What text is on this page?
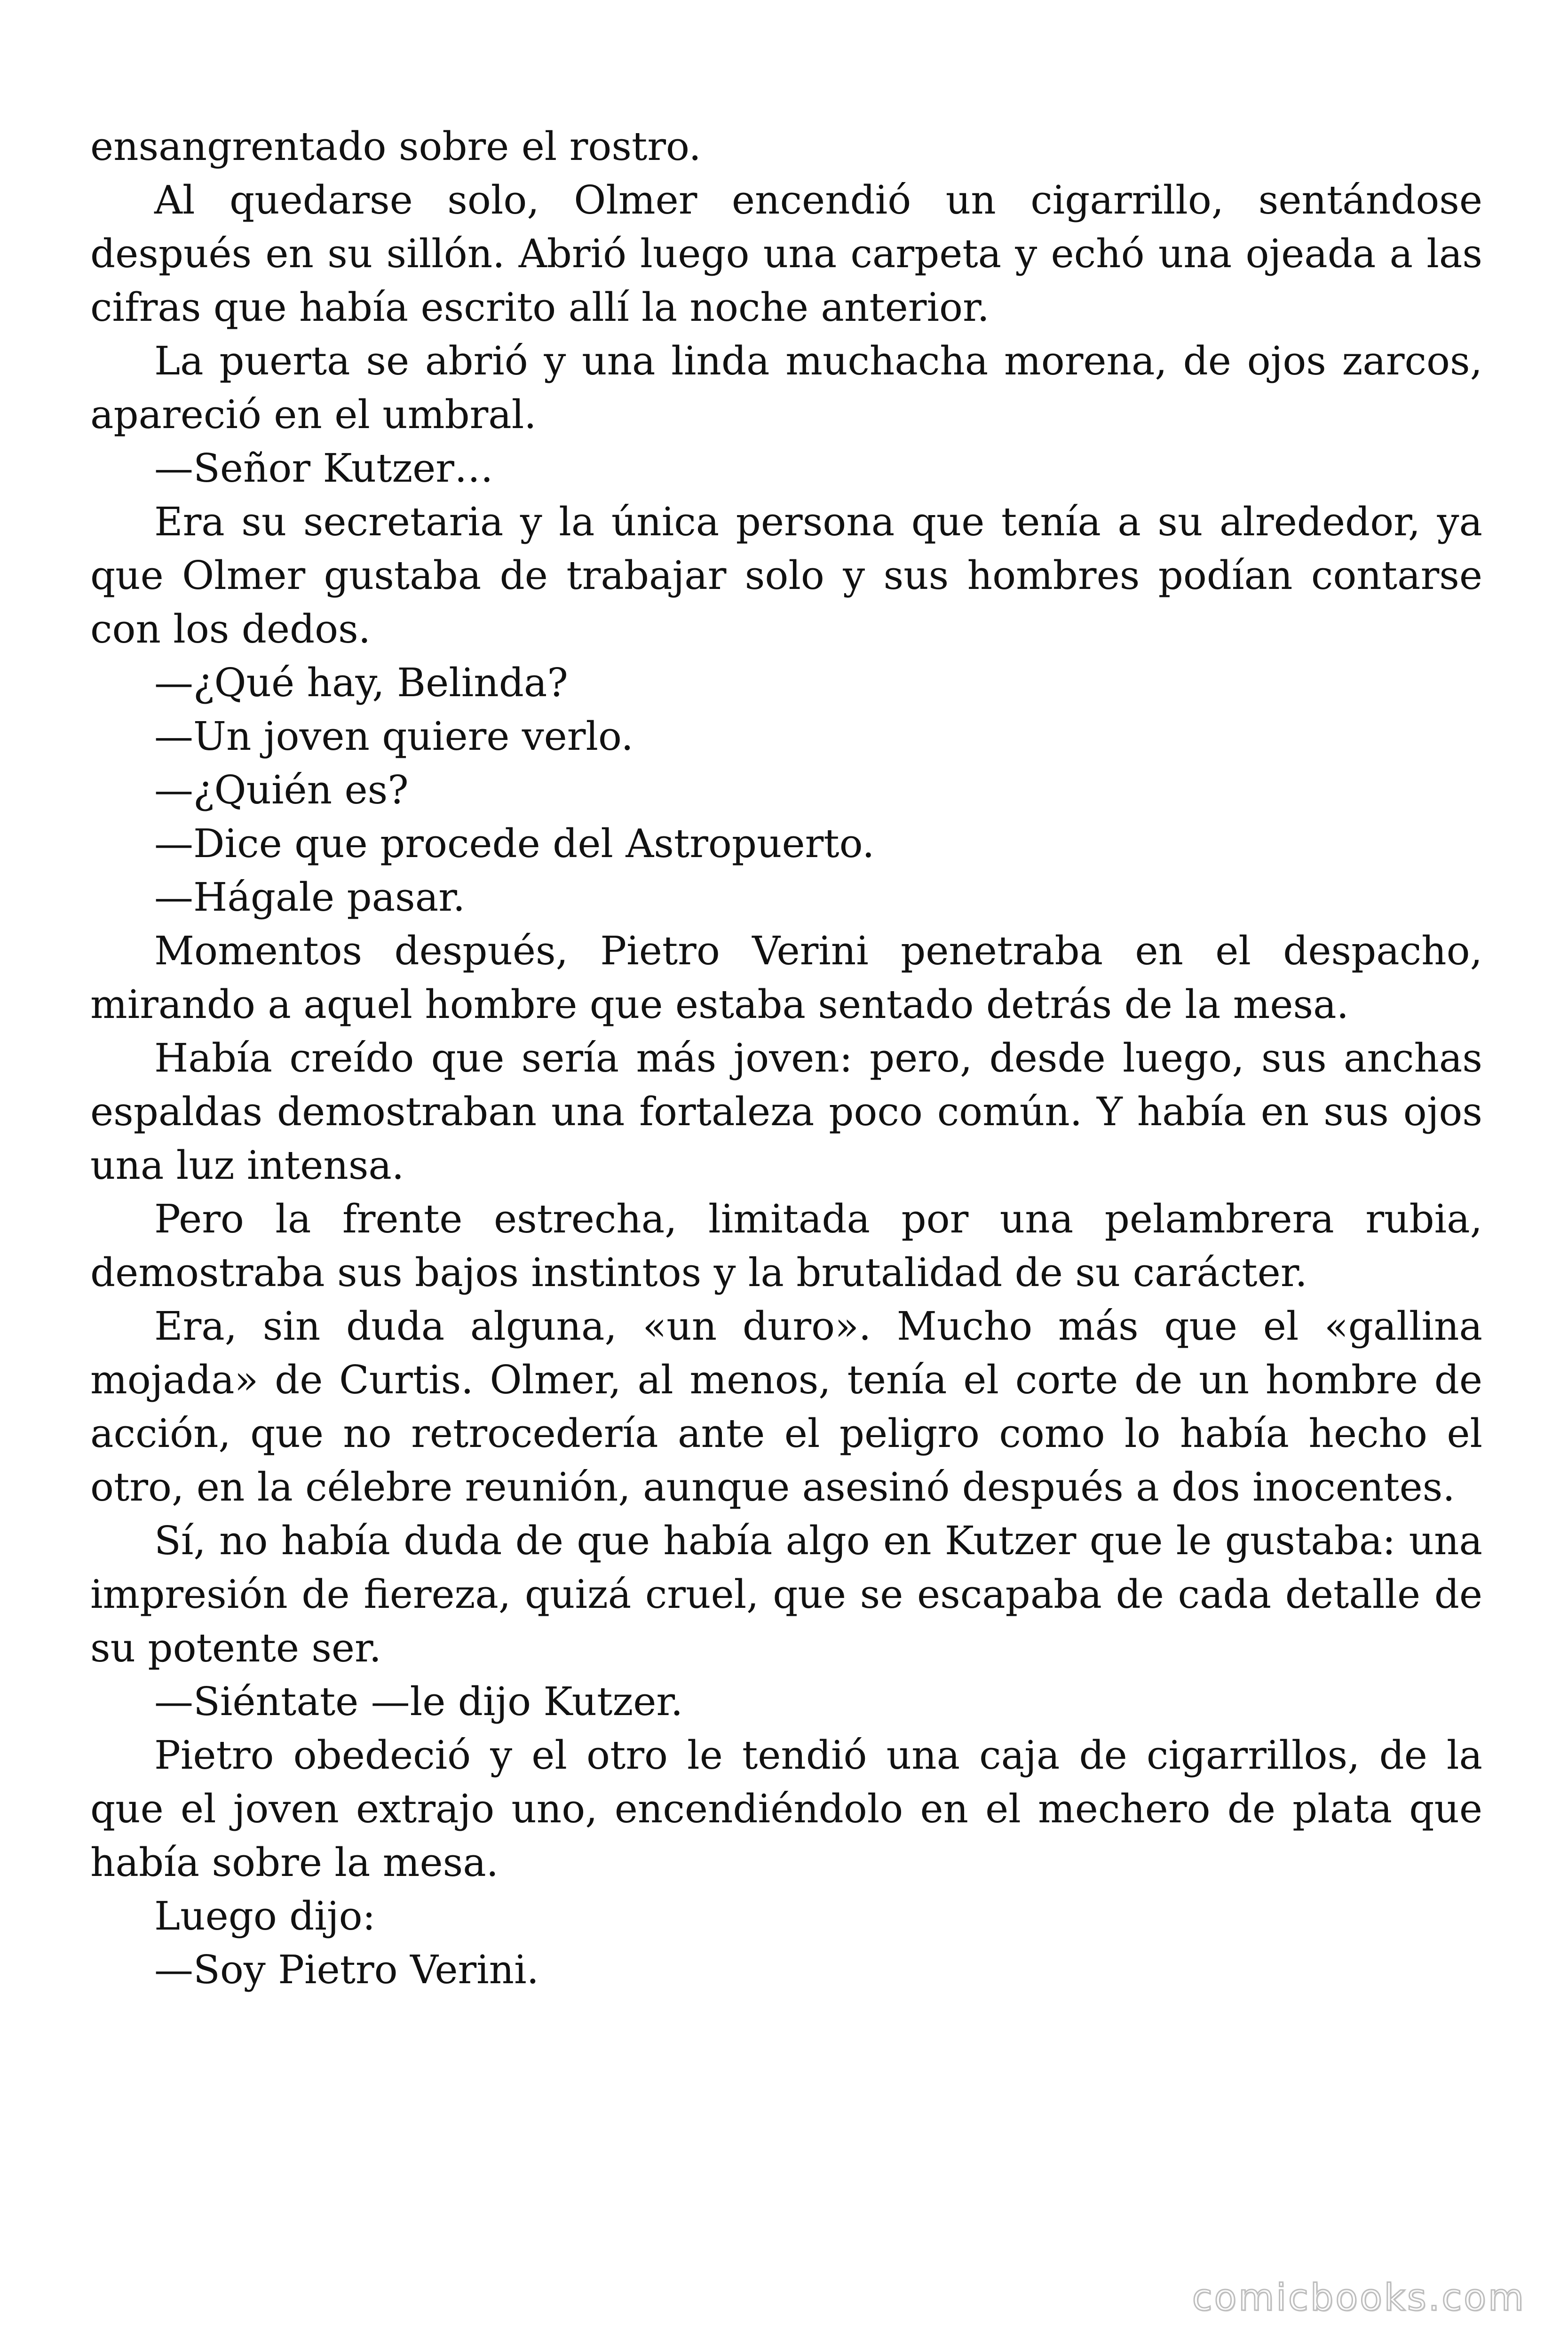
ensangrentado sobre el rostro.

Al quedarse solo, Olmer encendió un cigarrillo, sentándose después en su sillón. Abrió luego una carpeta y echó una ojeada a las cifras que había escrito allí la noche anterior.

La puerta se abrió y una linda muchacha morena, de ojos zarcos, apareció en el umbral.

—Señor Kutzer…

Era su secretaria y la única persona que tenía a su alrededor, ya que Olmer gustaba de trabajar solo y sus hombres podían contarse con los dedos.

—¿Qué hay, Belinda?

—Un joven quiere verlo.

—¿Quién es?

—Dice que procede del Astropuerto.

—Hágale pasar.

Momentos después, Pietro Verini penetraba en el despacho, mirando a aquel hombre que estaba sentado detrás de la mesa.

Había creído que sería más joven: pero, desde luego, sus anchas espaldas demostraban una fortaleza poco común. Y había en sus ojos una luz intensa.

Pero la frente estrecha, limitada por una pelambrera rubia, demostraba sus bajos instintos y la brutalidad de su carácter.

Era, sin duda alguna, «un duro». Mucho más que el «gallina mojada» de Curtis. Olmer, al menos, tenía el corte de un hombre de acción, que no retrocedería ante el peligro como lo había hecho el otro, en la célebre reunión, aunque asesinó después a dos inocentes.

Sí, no había duda de que había algo en Kutzer que le gustaba: una impresión de fiereza, quizá cruel, que se escapaba de cada detalle de su potente ser.

—Siéntate —le dijo Kutzer.

Pietro obedeció y el otro le tendió una caja de cigarrillos, de la que el joven extrajo uno, encendiéndolo en el mechero de plata que había sobre la mesa.

Luego dijo:

—Soy Pietro Verini.

comicbooks.com
